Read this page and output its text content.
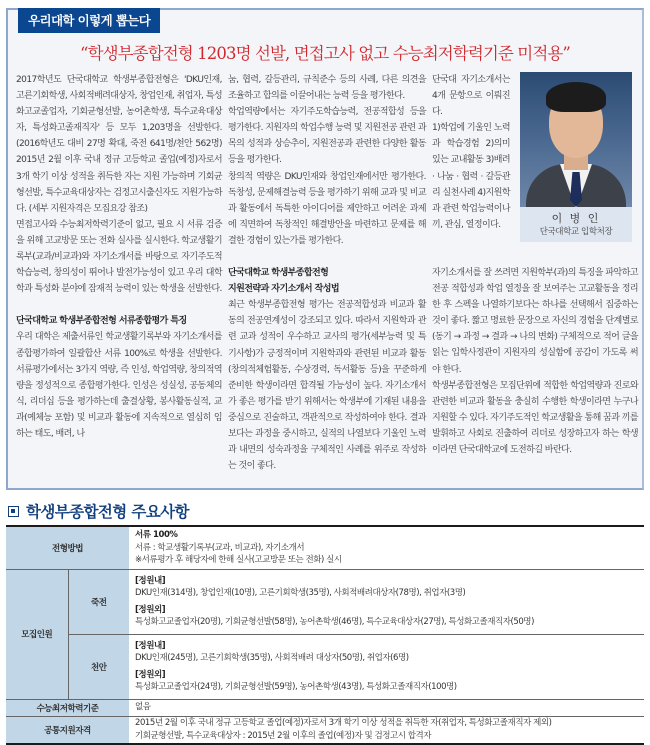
우리대학 이렇게 뽑는다
“학생부종합전형 1203명 선발, 면접고사 없고 수능최저학력기준 미적용”

2017학년도 단국대학교 학생부종합전형은 'DKU인재, 고른기회학생, 사회적배려대상자, 창업인재, 취업자, 특성화고교졸업자, 기회균형선발, 농어촌학생, 특수교육대상자, 특성화고졸재직자' 등 모두 1,203명을 선발한다.(2016학년도 대비 27명 확대, 죽전 641명/천안 562명) 2015년 2월 이후 국내 정규 고등학교 졸업(예정)자로서 3개 학기 이상 성적을 취득한 자는 지원 가능하며 기회균형선발, 특수교육대상자는 검정고시출신자도 지원가능하다. (세부 지원자격은 모집요강 참조)

면접고사와 수능최저학력기준이 없고, 필요 시 서류 검증을 위해 고교방문 또는 전화 실사를 실시한다. 학교생활기록부(교과/비교과)와 자기소개서를 바탕으로 자기주도적 학습능력, 창의성이 뛰어나 발전가능성이 있고 우리 대학 학과 특성화 분야에 잠재적 능력이 있는 학생을 선발한다.

단국대학교 학생부종합전형 서류종합평가 특징

우리 대학은 제출서류인 학교생활기록부와 자기소개서를 종합평가하여 일괄합산 서류 100%로 학생을 선발한다. 서류평가에서는 3가지 역량, 즉 인성, 학업역량, 창의적역량을 정성적으로 종합평가한다. 인성은 성실성, 공동체의식, 리더십 등을 평가하는데 출결상황, 봉사활동실적, 교과(예체능 포함) 및 비교과 활동에 지속적으로 열심히 임하는 태도, 배려, 나

눔, 협력, 갈등관리, 규칙준수 등의 사례, 다른 의견을 조율하고 합의를 이끌어내는 능력 등을 평가한다.

학업역량에서는 자기주도학습능력, 전공적합성 등을 평가한다. 지원자의 학업수행 능력 및 지원전공 관련 과목의 성적과 상승추이, 지원전공과 관련한 다양한 활동 등을 평가한다.

창의적 역량은 DKU인재와 창업인재에서만 평가한다. 독창성, 문제해결능력 등을 평가하기 위해 교과 및 비교과 활동에서 독특한 아이디어를 제안하고 어려운 과제에 직면하여 독창적인 해결방안을 마련하고 문제를 해결한 경험이 있는가를 평가한다.

단국대학교 학생부종합전형

지원전략과 자기소개서 작성법

최근 학생부종합전형 평가는 전공적합성과 비교과 활동의 전공연계성이 강조되고 있다. 따라서 지원학과 관련 교과 성적이 우수하고 교사의 평가(세부능력 및 특기사항)가 긍정적이며 지원학과와 관련된 비교과 활동(창의적체험활동, 수상경력, 독서활동 등)을 꾸준하게 준비한 학생이라면 합격될 가능성이 높다. 자기소개서가 좋은 평가를 받기 위해서는 학생부에 기재된 내용을 중심으로 진술하고, 객관적으로 작성하여야 한다. 결과보다는 과정을 중시하고, 실적의 나열보다 기울인 노력과 내면의 성숙과정을 구체적인 사례를 위주로 작성하는 것이 좋다.

단국대 자기소개서는 4개 문항으로 이뤄진다.

1)학업에 기울인 노력과 학습경험 2)의미 있는 교내활동 3)배려 · 나눔 · 협력 · 갈등관리 실천사례 4)지원학과 관련 학업능력이나 끼, 관심, 열정이다.	이 병 인
단국대학교 입학처장

자기소개서를 잘 쓰려면 지원학부(과)의 특징을 파악하고 전공 적합성과 학업 열정을 잘 보여주는 고교활동을 정리한 후 스펙을 나열하기보다는 하나를 선택해서 집중하는 것이 좋다. 짧고 명료한 문장으로 자신의 경험을 단계별로(동기 → 과정 → 결과 → 나의 변화) 구체적으로 적어 글을 읽는 입학사정관이 지원자의 성실함에 공감이 가도록 써야 한다.

학생부종합전형은 모집단위에 적합한 학업역량과 진로와 관련한 비교과 활동을 충실히 수행한 학생이라면 누구나 지원할 수 있다. 자기주도적인 학교생활을 통해 꿈과 끼를 발휘하고 사회로 진출하여 리더로 성장하고자 하는 학생이라면 단국대학교에 도전하길 바란다.

학생부종합전형 주요사항
전형방법		서류 100%
서류 : 학교생활기록부(교과, 비교과), 자기소개서
※서류평가 후 해당자에 한해 실사(고교방문 또는 전화) 실시

모집인원	죽전	[정원내]
DKU인재(314명), 창업인재(10명), 고른기회학생(35명), 사회적배려대상자(78명), 취업자(3명)
[정원외]
특성화고교졸업자(20명), 기회균형선발(58명), 농어촌학생(46명), 특수교육대상자(27명), 특성화고졸재직자(50명)

	천안	[정원내]
DKU인재(245명), 고른기회학생(35명), 사회적배려 대상자(50명), 취업자(6명)
[정원외]
특성화고교졸업자(24명), 기회균형선발(59명), 농어촌학생(43명), 특성화고졸재직자(100명)

수능최저학력기준		없음
공통지원자격		2015년 2월 이후 국내 정규 고등학교 졸업(예정)자로서 3개 학기 이상 성적을 취득한 자(취업자, 특성화고졸재직자 제외)
기회균형선발, 특수교육대상자 : 2015년 2월 이후의 졸업(예정)자 및 검정고시 합격자
